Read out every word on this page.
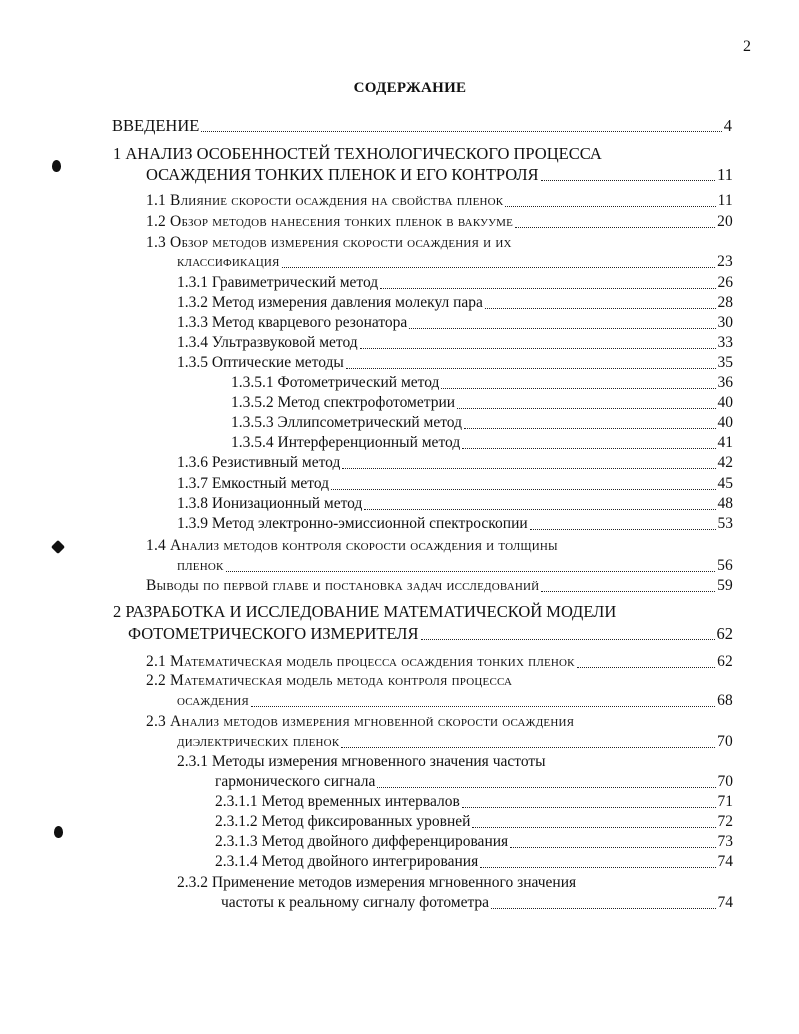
2
СОДЕРЖАНИЕ
ВВЕДЕНИЕ	4
1 АНАЛИЗ ОСОБЕННОСТЕЙ ТЕХНОЛОГИЧЕСКОГО ПРОЦЕССА
ОСАЖДЕНИЯ ТОНКИХ ПЛЕНОК И ЕГО КОНТРОЛЯ	11
1.1 Влияние скорости осаждения на свойства пленок	11
1.2 Обзор методов нанесения тонких пленок в вакууме	20
1.3 Обзор методов измерения скорости осаждения и их
классификация	23
1.3.1 Гравиметрический метод	26
1.3.2 Метод измерения давления молекул пара	28
1.3.3 Метод кварцевого резонатора	30
1.3.4 Ультразвуковой метод	33
1.3.5 Оптические методы	35
1.3.5.1 Фотометрический метод	36
1.3.5.2 Метод спектрофотометрии	40
1.3.5.3 Эллипсометрический метод	40
1.3.5.4 Интерференционный метод	41
1.3.6 Резистивный метод	42
1.3.7 Емкостный метод	45
1.3.8 Ионизационный метод	48
1.3.9 Метод электронно-эмиссионной спектроскопии	53
1.4 Анализ методов контроля скорости осаждения и толщины
пленок	56
Выводы по первой главе и постановка задач исследований	59
2 РАЗРАБОТКА И ИССЛЕДОВАНИЕ МАТЕМАТИЧЕСКОЙ МОДЕЛИ
ФОТОМЕТРИЧЕСКОГО ИЗМЕРИТЕЛЯ	62
2.1 Математическая модель процесса осаждения тонких пленок	62
2.2 Математическая модель метода контроля процесса
осаждения	68
2.3 Анализ методов измерения мгновенной скорости осаждения
диэлектрических пленок	70
2.3.1 Методы измерения мгновенного значения частоты
гармонического сигнала	70
2.3.1.1 Метод временных интервалов	71
2.3.1.2 Метод фиксированных уровней	72
2.3.1.3 Метод двойного дифференцирования	73
2.3.1.4 Метод двойного интегрирования	74
2.3.2 Применение методов измерения мгновенного значения
частоты к реальному сигналу фотометра	74
